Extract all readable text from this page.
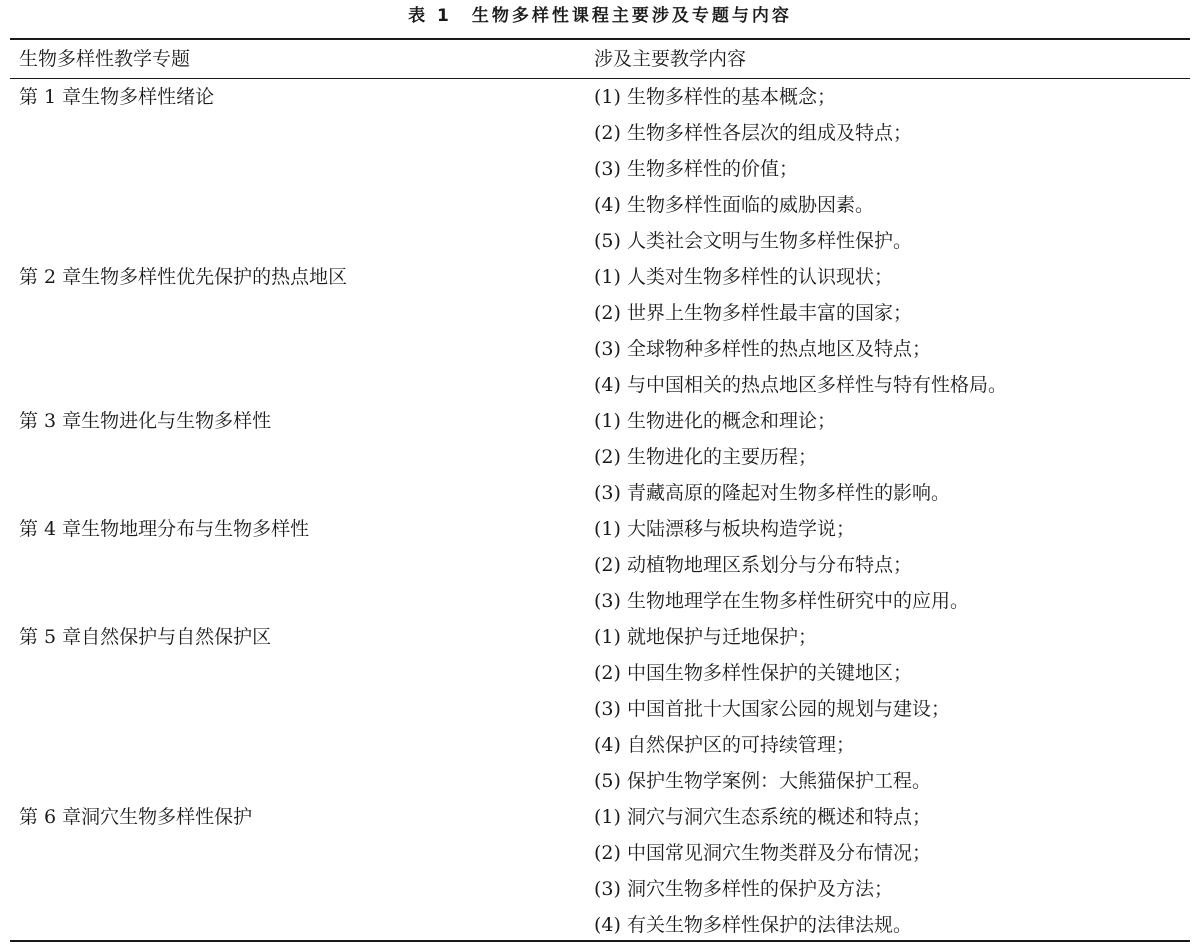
表 1 生物多样性课程主要涉及专题与内容
生物多样性教学专题	涉及主要教学内容
第 1 章生物多样性绪论	(1) 生物多样性的基本概念；
(2) 生物多样性各层次的组成及特点；
(3) 生物多样性的价值；
(4) 生物多样性面临的威胁因素。
(5) 人类社会文明与生物多样性保护。
第 2 章生物多样性优先保护的热点地区	(1) 人类对生物多样性的认识现状；
(2) 世界上生物多样性最丰富的国家；
(3) 全球物种多样性的热点地区及特点；
(4) 与中国相关的热点地区多样性与特有性格局。
第 3 章生物进化与生物多样性	(1) 生物进化的概念和理论；
(2) 生物进化的主要历程；
(3) 青藏高原的隆起对生物多样性的影响。
第 4 章生物地理分布与生物多样性	(1) 大陆漂移与板块构造学说；
(2) 动植物地理区系划分与分布特点；
(3) 生物地理学在生物多样性研究中的应用。
第 5 章自然保护与自然保护区	(1) 就地保护与迁地保护；
(2) 中国生物多样性保护的关键地区；
(3) 中国首批十大国家公园的规划与建设；
(4) 自然保护区的可持续管理；
(5) 保护生物学案例：大熊猫保护工程。
第 6 章洞穴生物多样性保护	(1) 洞穴与洞穴生态系统的概述和特点；
(2) 中国常见洞穴生物类群及分布情况；
(3) 洞穴生物多样性的保护及方法；
(4) 有关生物多样性保护的法律法规。
